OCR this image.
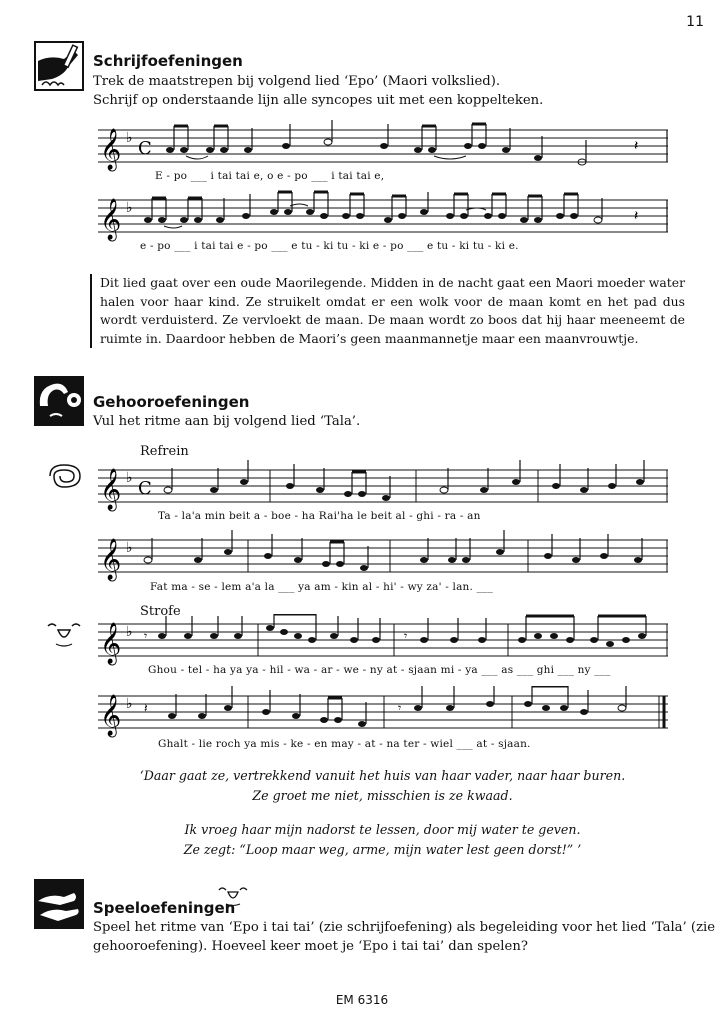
11
Schrijfoefeningen
Trek de maatstrepen bij volgend lied ‘Epo’ (Maori volkslied).
Schrijf op onderstaande lijn alle syncopes uit met een koppelteken.
𝄞 ♭ C	𝄽
E - po ___ i tai tai e, o e - po ___ i tai tai e,
𝄞 ♭	𝄽
e - po ___ i tai tai e - po ___ e tu - ki tu - ki e - po ___ e tu - ki tu - ki e.
Dit lied gaat over een oude Maorilegende. Midden in de nacht gaat een Maori moeder water halen voor haar kind. Ze struikelt omdat er een wolk voor de maan komt en het pad dus wordt verduisterd. Ze vervloekt de maan. De maan wordt zo boos dat hij haar meeneemt de ruimte in. Daardoor hebben de Maori’s geen maanmannetje maar een maanvrouwtje.
Gehooroefeningen
Vul het ritme aan bij volgend lied ‘Tala’.
Refrein
𝄞 ♭ C
Ta - la'a min beit a - boe - ha Rai'ha le beit al - ghi - ra - an
𝄞 ♭
Fat ma - se - lem a'a la ___ ya am - kin al - hi' - wy za' - lan. ___
Strofe
𝄞 ♭ 𝄾	𝄾
Ghou - tel - ha ya ya - hil - wa - ar - we - ny at - sjaan mi - ya ___ as ___ ghi ___ ny ___
𝄞 ♭ 𝄽	𝄾
Ghalt - lie roch ya mis - ke - en may - at - na ter - wiel ___ at - sjaan.
‘Daar gaat ze, vertrekkend vanuit het huis van haar vader, naar haar buren.
Ze groet me niet, misschien is ze kwaad.
Ik vroeg haar mijn nadorst te lessen, door mij water te geven.
Ze zegt: “Loop maar weg, arme, mijn water lest geen dorst!” ’
Speeloefeningen
Speel het ritme van ‘Epo i tai tai’ (zie schrijfoefening) als begeleiding voor het lied ‘Tala’ (zie
gehooroefening). Hoeveel keer moet je ‘Epo i tai tai’ dan spelen?
EM 6316
